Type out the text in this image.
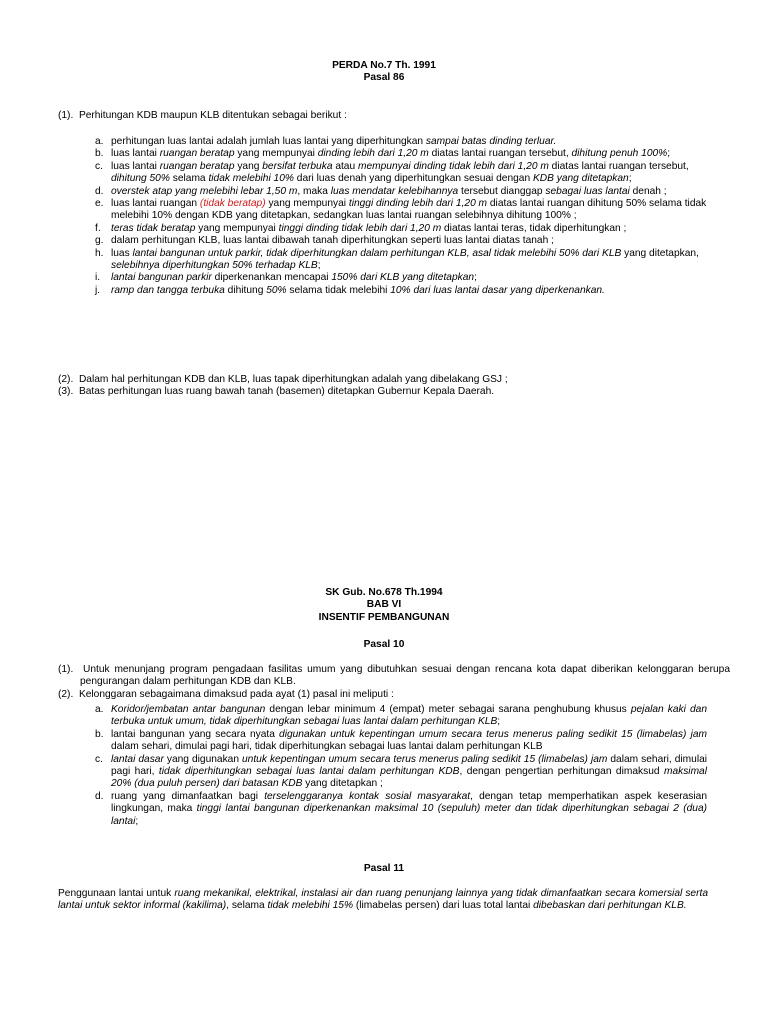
PERDA No.7 Th. 1991
Pasal 86
(1). Perhitungan KDB maupun KLB ditentukan sebagai berikut :
a. perhitungan luas lantai adalah jumlah luas lantai yang diperhitungkan sampai batas dinding terluar.
b. luas lantai ruangan beratap yang mempunyai dinding lebih dari 1,20 m diatas lantai ruangan tersebut, dihitung penuh 100%;
c. luas lantai ruangan beratap yang bersifat terbuka atau mempunyai dinding tidak lebih dari 1,20 m diatas lantai ruangan tersebut, dihitung 50% selama tidak melebihi 10% dari luas denah yang diperhitungkan sesuai dengan KDB yang ditetapkan;
d. overstek atap yang melebihi lebar 1,50 m, maka luas mendatar kelebihannya tersebut dianggap sebagai luas lantai denah ;
e. luas lantai ruangan (tidak beratap) yang mempunyai tinggi dinding lebih dari 1,20 m diatas lantai ruangan dihitung 50% selama tidak melebihi 10% dengan KDB yang ditetapkan, sedangkan luas lantai ruangan selebihnya dihitung 100% ;
f.	teras tidak beratap yang mempunyai tinggi dinding tidak lebih dari 1,20 m diatas lantai teras, tidak diperhitungkan ;
g. dalam perhitungan KLB, luas lantai dibawah tanah diperhitungkan seperti luas lantai diatas tanah ;
h. luas lantai bangunan untuk parkir, tidak diperhitungkan dalam perhitungan KLB, asal tidak melebihi 50% dari KLB yang ditetapkan, selebihnya diperhitungkan 50% terhadap KLB;
i.	lantai bangunan parkir diperkenankan mencapai 150% dari KLB yang ditetapkan;
j.	ramp dan tangga terbuka dihitung 50% selama tidak melebihi 10% dari luas lantai dasar yang diperkenankan.
(2). Dalam hal perhitungan KDB dan KLB, luas tapak diperhitungkan adalah yang dibelakang GSJ ;
(3). Batas perhitungan luas ruang bawah tanah (basemen) ditetapkan Gubernur Kepala Daerah.
SK Gub. No.678 Th.1994
BAB VI
INSENTIF PEMBANGUNAN
Pasal 10
(1). Untuk menunjang program pengadaan fasilitas umum yang dibutuhkan sesuai dengan rencana kota dapat diberikan kelonggaran berupa pengurangan dalam perhitungan KDB dan KLB.
(2). Kelonggaran sebagaimana dimaksud pada ayat (1) pasal ini meliputi :
a. Koridor/jembatan antar bangunan dengan lebar minimum 4 (empat) meter sebagai sarana penghubung khusus pejalan kaki dan terbuka untuk umum, tidak diperhitungkan sebagai luas lantai dalam perhitungan KLB;
b. lantai bangunan yang secara nyata digunakan untuk kepentingan umum secara terus menerus paling sedikit 15 (limabelas) jam dalam sehari, dimulai pagi hari, tidak diperhitungkan sebagai luas lantai dalam perhitungan KLB
c. lantai dasar yang digunakan untuk kepentingan umum secara terus menerus paling sedikit 15 (limabelas) jam dalam sehari, dimulai pagi hari, tidak diperhitungkan sebagai luas lantai dalam perhitungan KDB, dengan pengertian perhitungan dimaksud maksimal 20% (dua puluh persen) dari batasan KDB yang ditetapkan ;
d. ruang yang dimanfaatkan bagi terselenggaranya kontak sosial masyarakat, dengan tetap memperhatikan aspek keserasian lingkungan, maka tinggi lantai bangunan diperkenankan maksimal 10 (sepuluh) meter dan tidak diperhitungkan sebagai 2 (dua) lantai;
Pasal 11
Penggunaan lantai untuk ruang mekanikal, elektrikal, instalasi air dan ruang penunjang lainnya yang tidak dimanfaatkan secara komersial serta lantai untuk sektor informal (kakilima), selama tidak melebihi 15% (limabelas persen) dari luas total lantai dibebaskan dari perhitungan KLB.
